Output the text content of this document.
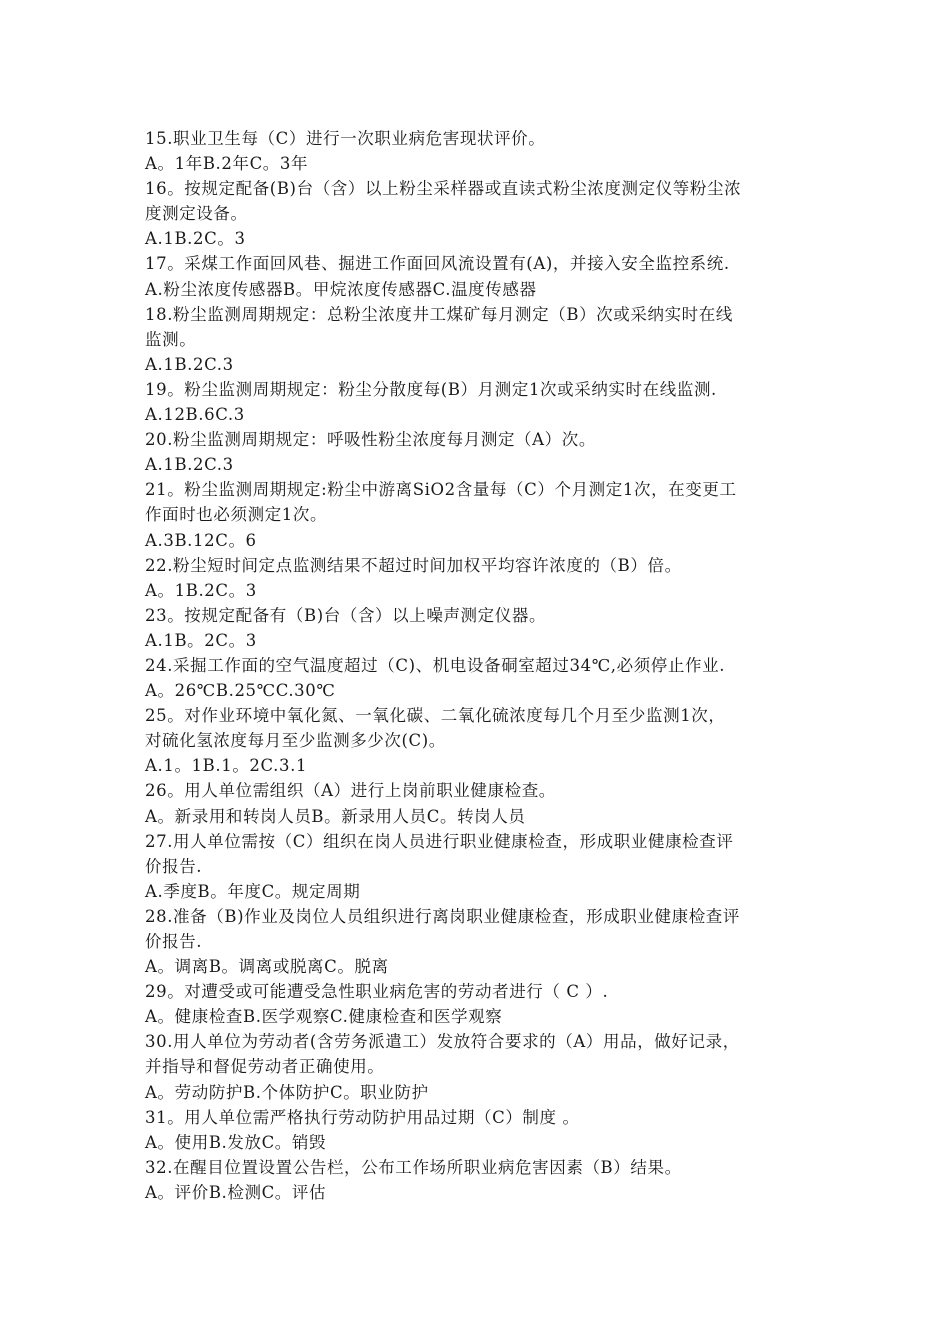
15.职业卫生每（C）进行一次职业病危害现状评价。
A。1年B.2年C。3年
16。按规定配备(B)台（含）以上粉尘采样器或直读式粉尘浓度测定仪等粉尘浓
度测定设备。
A.1B.2C。3
17。采煤工作面回风巷、掘进工作面回风流设置有(A)，并接入安全监控系统.
A.粉尘浓度传感器B。甲烷浓度传感器C.温度传感器
18.粉尘监测周期规定：总粉尘浓度井工煤矿每月测定（B）次或采纳实时在线
监测。
A.1B.2C.3
19。粉尘监测周期规定：粉尘分散度每(B）月测定1次或采纳实时在线监测.
A.12B.6C.3
20.粉尘监测周期规定：呼吸性粉尘浓度每月测定（A）次。
A.1B.2C.3
21。粉尘监测周期规定:粉尘中游离SiO2含量每（C）个月测定1次，在变更工
作面时也必须测定1次。
A.3B.12C。6
22.粉尘短时间定点监测结果不超过时间加权平均容许浓度的（B）倍。
A。1B.2C。3
23。按规定配备有（B)台（含）以上噪声测定仪器。
A.1B。2C。3
24.采掘工作面的空气温度超过（C)、机电设备硐室超过34℃,必须停止作业.
A。26℃B.25℃C.30℃
25。对作业环境中氧化氮、一氧化碳、二氧化硫浓度每几个月至少监测1次，
对硫化氢浓度每月至少监测多少次(C)。
A.1。1B.1。2C.3.1
26。用人单位需组织（A）进行上岗前职业健康检查。
A。新录用和转岗人员B。新录用人员C。转岗人员
27.用人单位需按（C）组织在岗人员进行职业健康检查，形成职业健康检查评
价报告.
A.季度B。年度C。规定周期
28.准备（B)作业及岗位人员组织进行离岗职业健康检查，形成职业健康检查评
价报告.
A。调离B。调离或脱离C。脱离
29。对遭受或可能遭受急性职业病危害的劳动者进行（ C ）.
A。健康检查B.医学观察C.健康检查和医学观察
30.用人单位为劳动者(含劳务派遣工）发放符合要求的（A）用品，做好记录，
并指导和督促劳动者正确使用。
A。劳动防护B.个体防护C。职业防护
31。用人单位需严格执行劳动防护用品过期（C）制度 。
A。使用B.发放C。销毁
32.在醒目位置设置公告栏，公布工作场所职业病危害因素（B）结果。
A。评价B.检测C。评估
